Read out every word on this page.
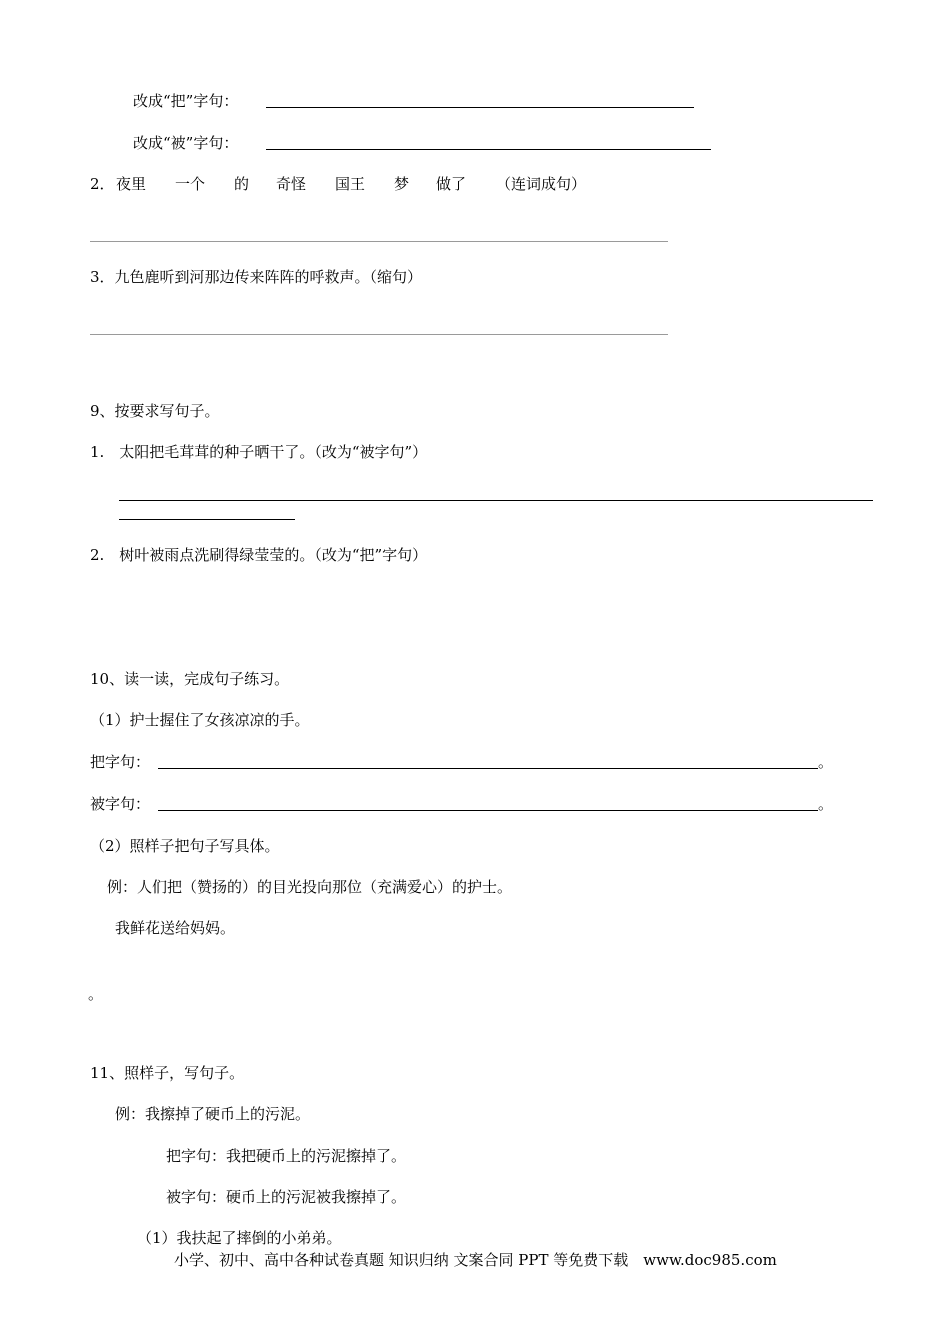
改成“把”字句：
改成“被”字句：
2． 夜里 一个 的 奇怪 国王 梦 做了 （连词成句）
3．九色鹿听到河那边传来阵阵的呼救声。（缩句）
9、按要求写句子。
1.　太阳把毛茸茸的种子晒干了。（改为“被字句”）
2.　树叶被雨点洗刷得绿莹莹的。（改为“把”字句）
10、读一读，完成句子练习。
（1）护士握住了女孩凉凉的手。
把字句：	。
被字句：	。
（2）照样子把句子写具体。
例：人们把（赞扬的）的目光投向那位（充满爱心）的护士。
我鲜花送给妈妈。
。
11、照样子，写句子。
例：我擦掉了硬币上的污泥。
把字句：我把硬币上的污泥擦掉了。
被字句：硬币上的污泥被我擦掉了。
（1）我扶起了摔倒的小弟弟。
小学、初中、高中各种试卷真题 知识归纳 文案合同 PPT 等免费下载　www.doc985.com
